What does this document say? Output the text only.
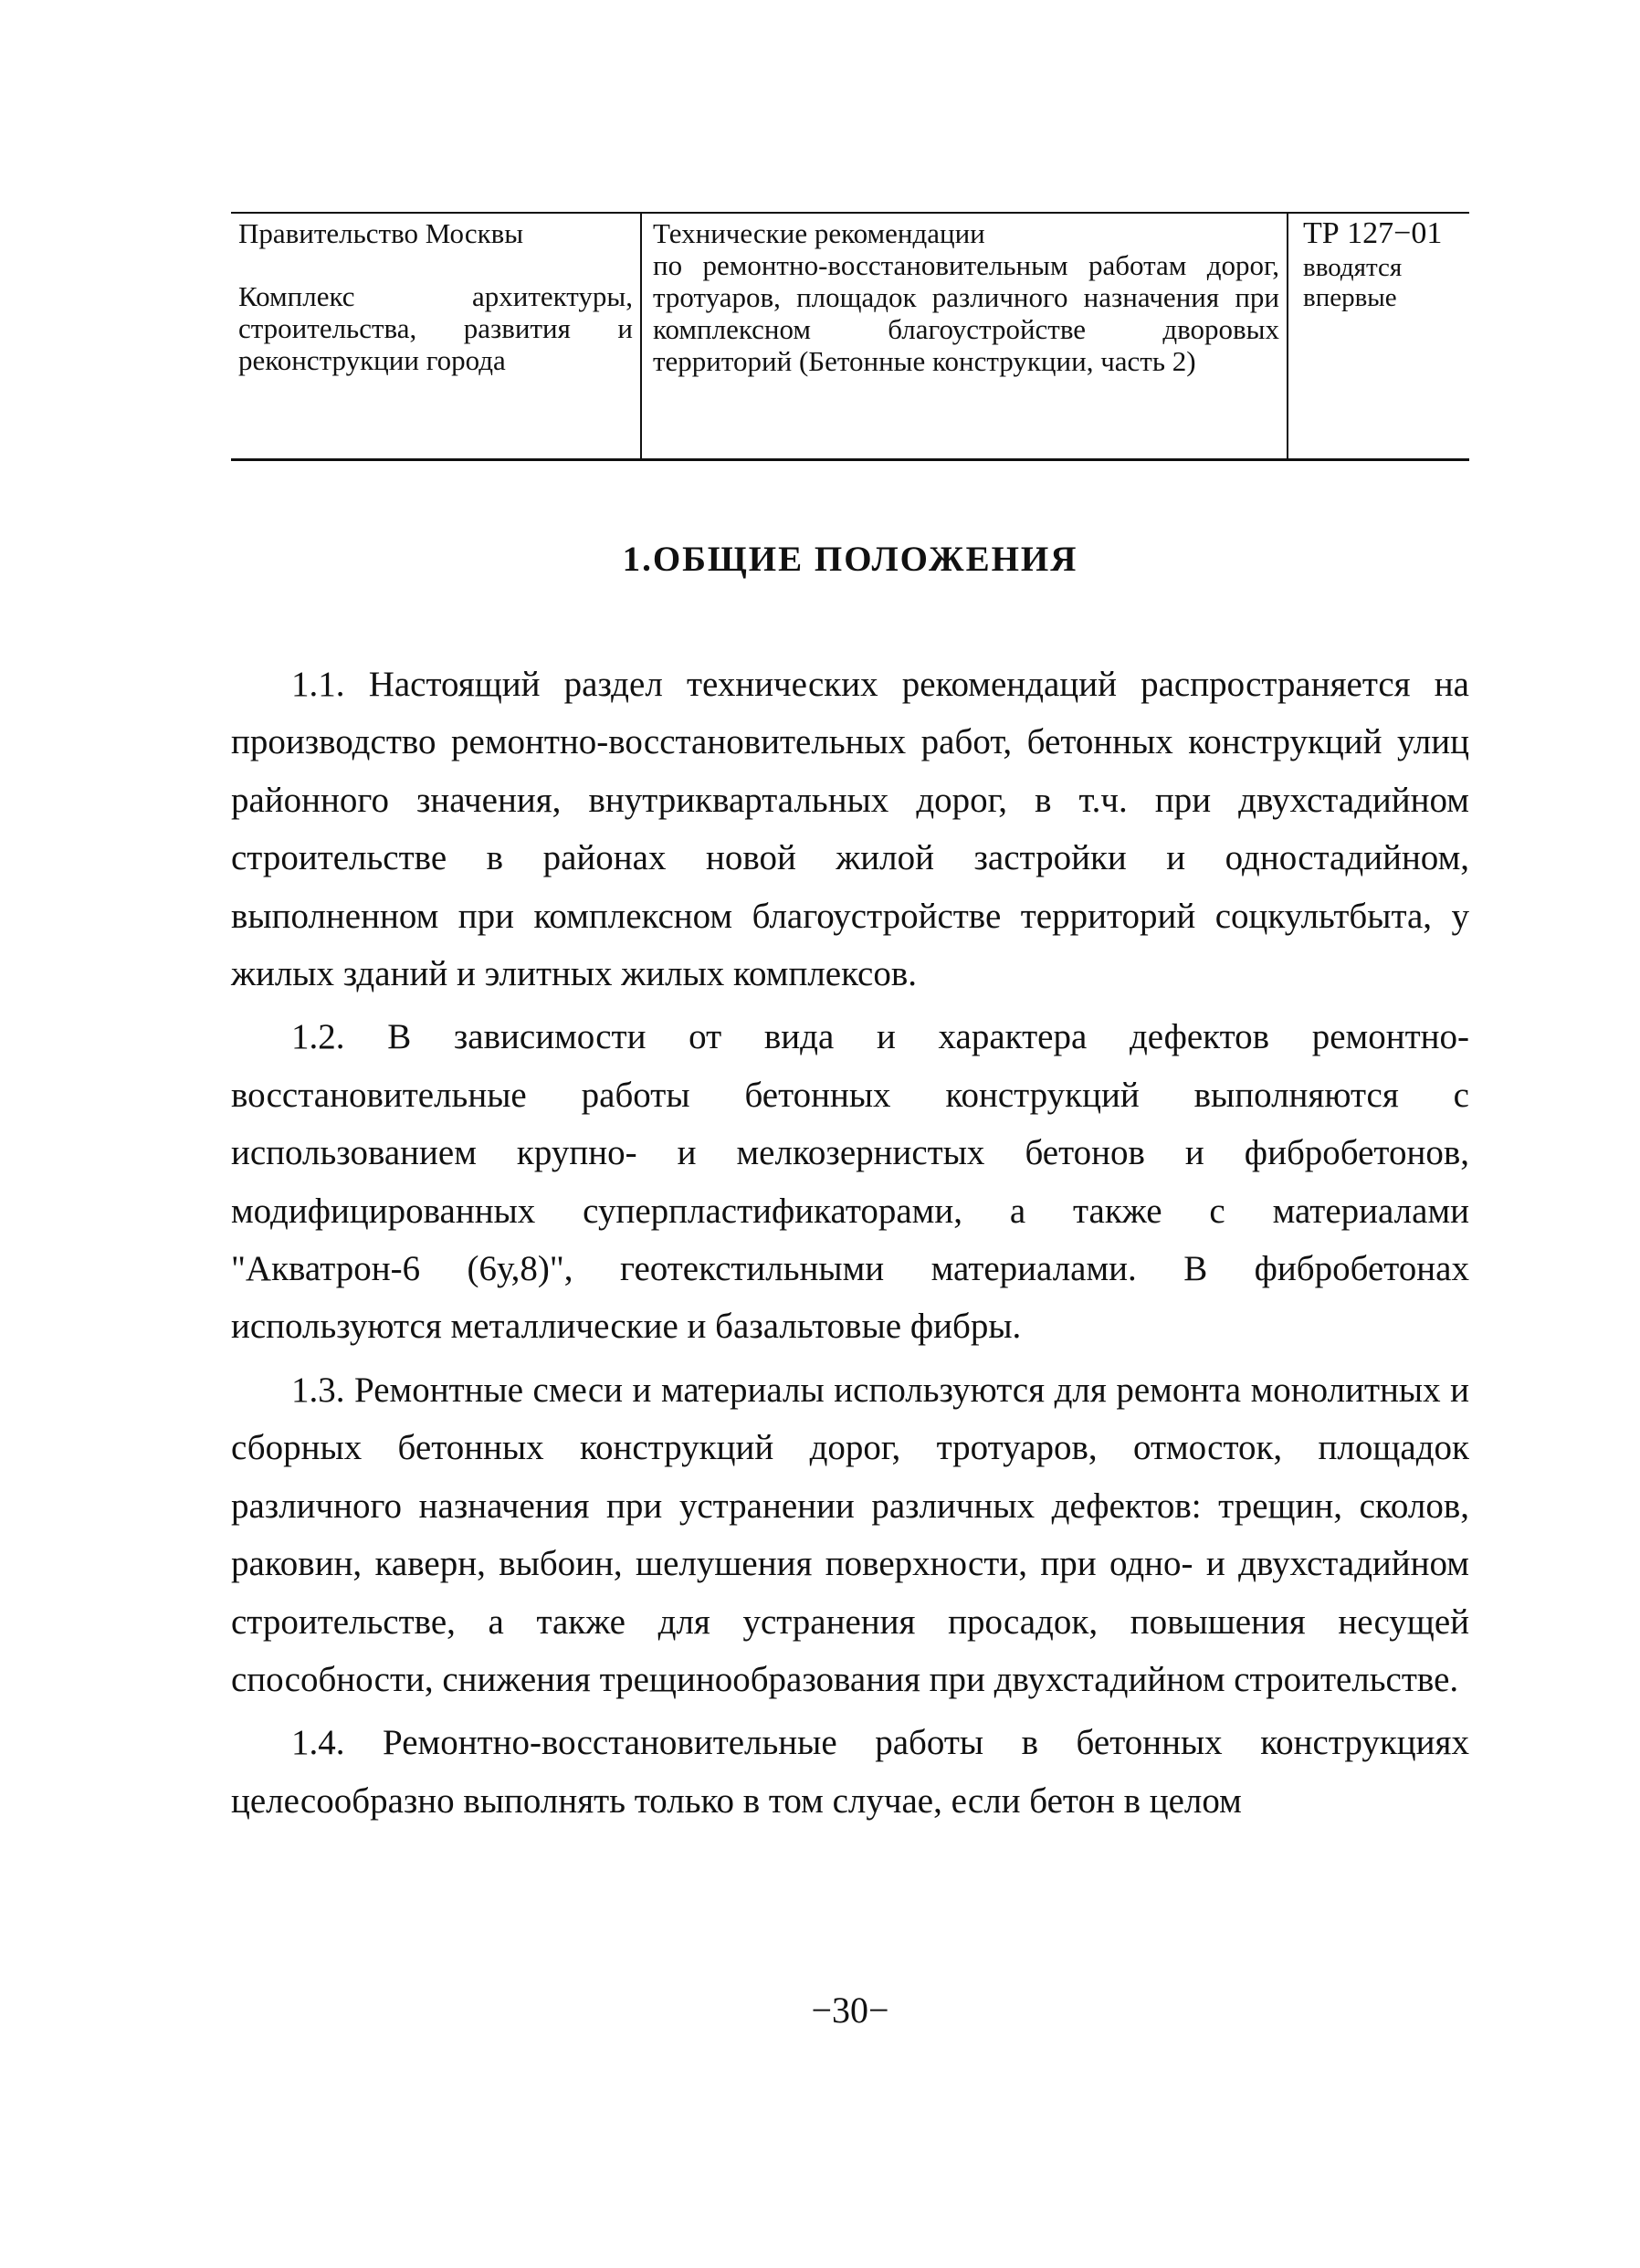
Правительство Москвы
Комплекс архитектуры, строительства, развития и реконструкции города
Технические рекомендации
по ремонтно-восстановительным работам дорог, тротуаров, площадок различного назначения при комплексном благоустройстве дворовых территорий (Бетонные конструкции, часть 2)
ТР 127−01
вводятся впервые
1.ОБЩИЕ ПОЛОЖЕНИЯ

1.1. Настоящий раздел технических рекомендаций распространяется на производство ремонтно-восстановительных работ, бетонных конструкций улиц районного значения, внутриквартальных дорог, в т.ч. при двухстадийном строительстве в районах новой жилой застройки и одностадийном, выполненном при комплексном благоустройстве территорий соцкультбыта, у жилых зданий и элитных жилых комплексов.

1.2. В зависимости от вида и характера дефектов ремонтно-восстановительные работы бетонных конструкций выполняются с использованием крупно- и мелкозернистых бетонов и фибробетонов, модифицированных суперпластификаторами, а также с материалами "Акватрон-6 (6у,8)", геотекстильными материалами. В фибробетонах используются металлические и базальтовые фибры.

1.3. Ремонтные смеси и материалы используются для ремонта монолитных и сборных бетонных конструкций дорог, тротуаров, отмосток, площадок различного назначения при устранении различных дефектов: трещин, сколов, раковин, каверн, выбоин, шелушения поверхности, при одно- и двухстадийном строительстве, а также для устранения просадок, повышения несущей способности, снижения трещинообразования при двухстадийном строительстве.

1.4. Ремонтно-восстановительные работы в бетонных конструкциях целесообразно выполнять только в том случае, если бетон в целом

−30−
